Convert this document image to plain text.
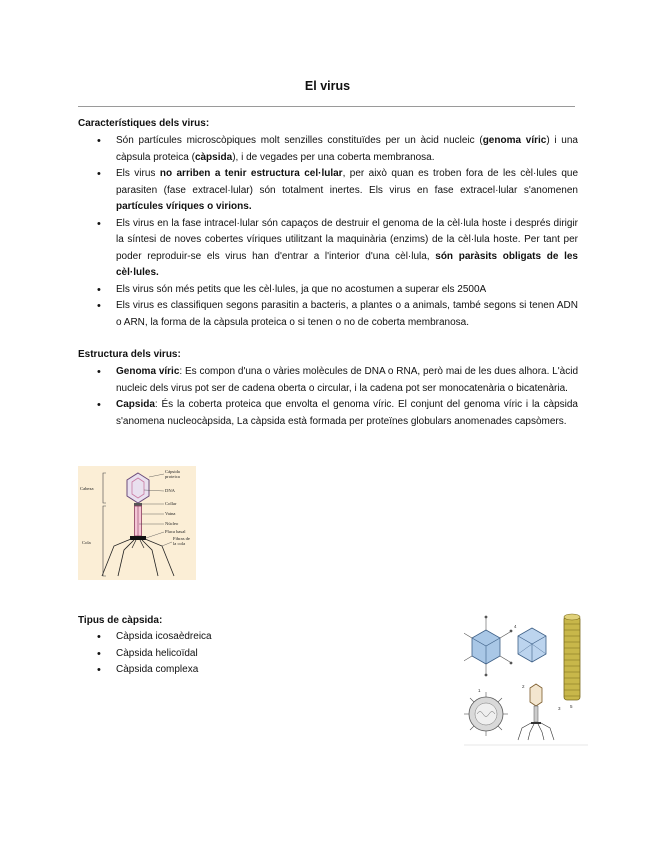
El virus
Característiques dels virus:
• Són partícules microscòpiques molt senzilles constituïdes per un àcid nucleic (genoma víric) i una càpsula proteica (càpsida), i de vegades per una coberta membranosa.
• Els virus no arriben a tenir estructura cel·lular, per això quan es troben fora de les cèl·lules que parasiten (fase extracel·lular) són totalment inertes. Els virus en fase extracel·lular s'anomenen partícules víriques o virions.
• Els virus en la fase intracel·lular són capaços de destruir el genoma de la cèl·lula hoste i després dirigir la síntesi de noves cobertes víriques utilitzant la maquinària (enzims) de la cèl·lula hoste. Per tant per poder reproduir-se els virus han d'entrar a l'interior d'una cèl·lula, són paràsits obligats de les cèl·lules.
• Els virus són més petits que les cèl·lules, ja que no acostumen a superar els 2500A
• Els virus es classifiquen segons parasitin a bacteris, a plantes o a animals, també segons si tenen ADN o ARN, la forma de la càpsula proteica o si tenen o no de coberta membranosa.
Estructura dels virus:
• Genoma víric: Es compon d'una o vàries molècules de DNA o RNA, però mai de les dues alhora. L'àcid nucleic dels virus pot ser de cadena oberta o circular, i la cadena pot ser monocatenària o bicatenària.
• Capsida: És la coberta proteica que envolta el genoma víric. El conjunt del genoma víric i la càpsida s'anomena nucleocàpsida, La càpsida està formada per proteïnes globulars anomenades capsòmers.
Cabeza
Cola
Cápsida
proteica
DNA
Collar
Vaina
Núcleo
Placa basal
Fibras de
la cola
Tipus de càpsida:
• Càpsida icosaèdreica
• Càpsida helicoïdal
• Càpsida complexa
4
5
1
2
3
